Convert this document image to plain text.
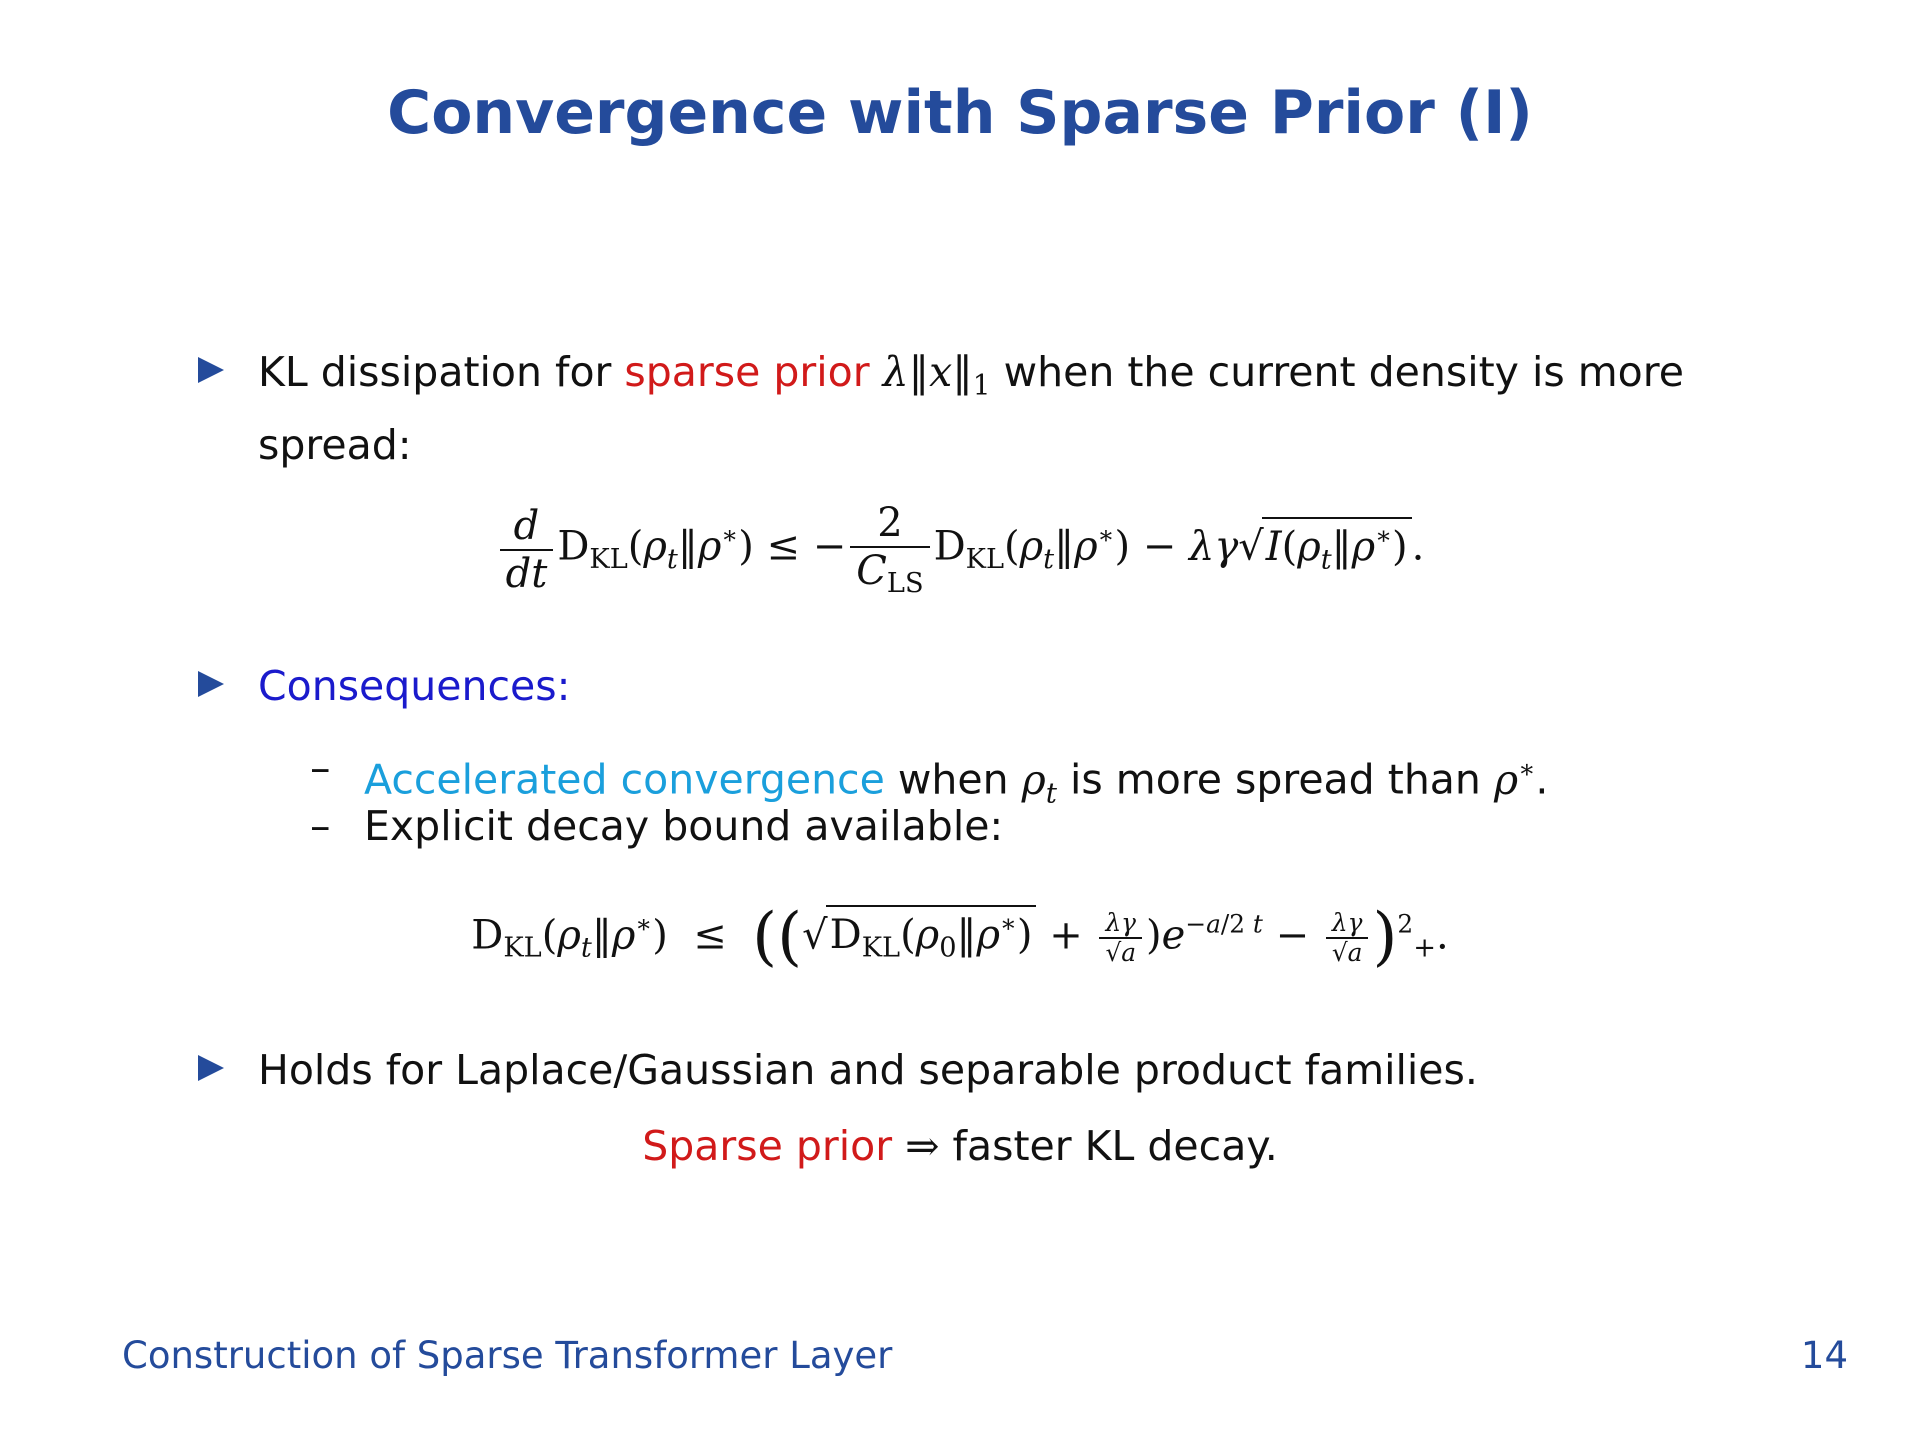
Convergence with Sparse Prior (I)
KL dissipation for sparse prior $\lambda‖x‖_1$ when the current density is more spread:
$\frac{d}{dt}$ $D_{KL}(\rho_t‖\rho^∗)$ ≤ − $\frac{2}{C_{LS}}$ $D_{KL}(\rho_t‖\rho^∗)$ − $\lambda\gamma√I(\rho_t‖\rho^∗)$ .
Consequences:
– Accelerated convergence when $\rho_t$ is more spread than ρ∗.
– Explicit decay bound available:
$D_{KL}(\rho_t‖\rho^∗)$  ≤  $((√D_{KL}(\rho_0‖\rho^∗) + \frac{\lambda\gamma}{√a} )e^{-a/2 t} - \frac{\lambda\gamma}{√a} )^2_+$.
Holds for Laplace/Gaussian and separable product families.
Sparse prior ⇒ faster KL decay.
Construction of Sparse Transformer Layer	14
